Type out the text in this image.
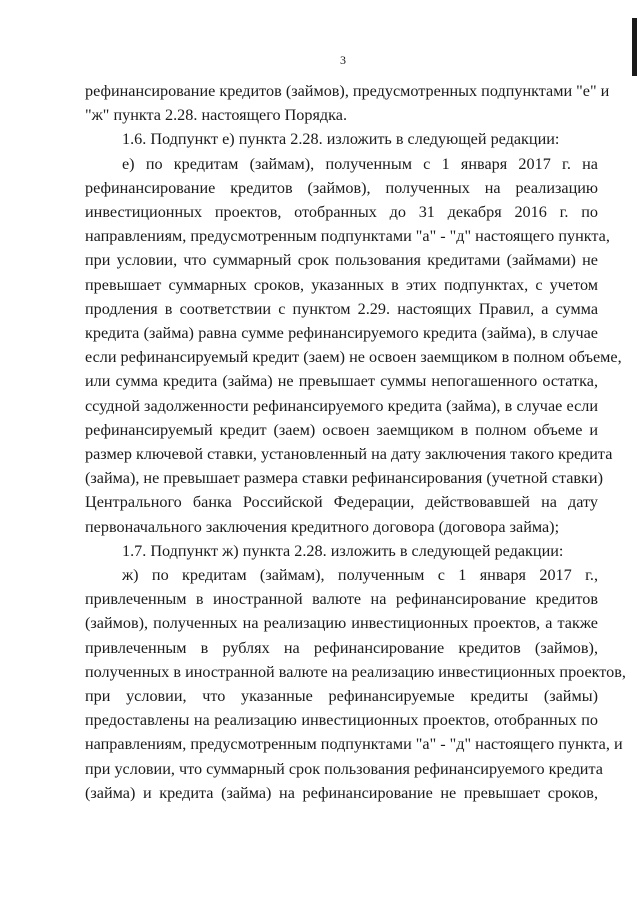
3
рефинансирование кредитов (займов), предусмотренных подпунктами "е" и
"ж" пункта 2.28. настоящего Порядка.
1.6. Подпункт е) пункта 2.28. изложить в следующей редакции:
е) по кредитам (займам), полученным с 1 января 2017 г. на
рефинансирование кредитов (займов), полученных на реализацию
инвестиционных проектов, отобранных до 31 декабря 2016 г. по
направлениям, предусмотренным подпунктами "а" - "д" настоящего пункта,
при условии, что суммарный срок пользования кредитами (займами) не
превышает суммарных сроков, указанных в этих подпунктах, с учетом
продления в соответствии с пунктом 2.29. настоящих Правил, а сумма
кредита (займа) равна сумме рефинансируемого кредита (займа), в случае
если рефинансируемый кредит (заем) не освоен заемщиком в полном объеме,
или сумма кредита (займа) не превышает суммы непогашенного остатка,
ссудной задолженности рефинансируемого кредита (займа), в случае если
рефинансируемый кредит (заем) освоен заемщиком в полном объеме и
размер ключевой ставки, установленный на дату заключения такого кредита
(займа), не превышает размера ставки рефинансирования (учетной ставки)
Центрального банка Российской Федерации, действовавшей на дату
первоначального заключения кредитного договора (договора займа);
1.7. Подпункт ж) пункта 2.28. изложить в следующей редакции:
ж) по кредитам (займам), полученным с 1 января 2017 г.,
привлеченным в иностранной валюте на рефинансирование кредитов
(займов), полученных на реализацию инвестиционных проектов, а также
привлеченным в рублях на рефинансирование кредитов (займов),
полученных в иностранной валюте на реализацию инвестиционных проектов,
при условии, что указанные рефинансируемые кредиты (займы)
предоставлены на реализацию инвестиционных проектов, отобранных по
направлениям, предусмотренным подпунктами "а" - "д" настоящего пункта, и
при условии, что суммарный срок пользования рефинансируемого кредита
(займа) и кредита (займа) на рефинансирование не превышает сроков,
